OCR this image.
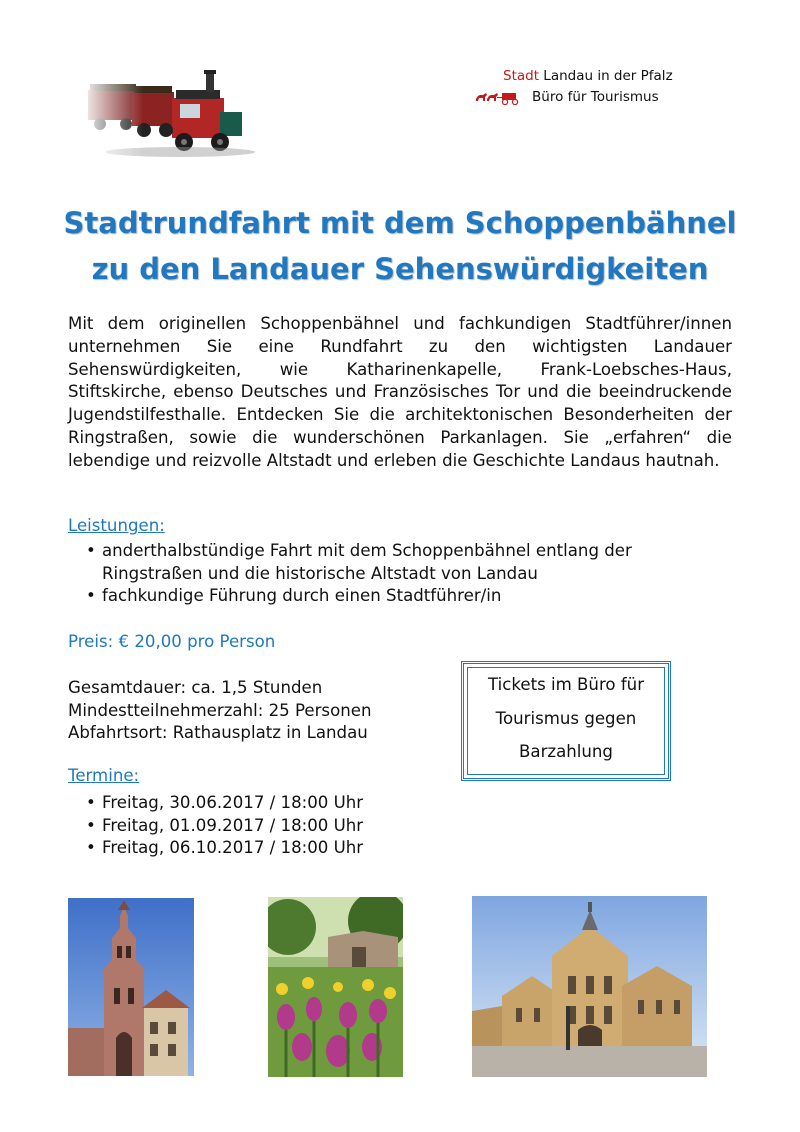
Stadt Landau in der Pfalz
Büro für Tourismus
Stadtrundfahrt mit dem Schoppenbähnel
zu den Landauer Sehenswürdigkeiten
Mit dem originellen Schoppenbähnel und fachkundigen Stadtführer/innen unternehmen Sie eine Rundfahrt zu den wichtigsten Landauer Sehenswürdigkeiten, wie Katharinenkapelle, Frank-Loebsches-Haus, Stiftskirche, ebenso Deutsches und Französisches Tor und die beeindruckende Jugendstilfesthalle. Entdecken Sie die architektonischen Besonderheiten der Ringstraßen, sowie die wunderschönen Parkanlagen. Sie „erfahren“ die lebendige und reizvolle Altstadt und erleben die Geschichte Landaus hautnah.
Leistungen:
• anderthalbstündige Fahrt mit dem Schoppenbähnel entlang der Ringstraßen und die historische Altstadt von Landau
• fachkundige Führung durch einen Stadtführer/in
Preis: € 20,00 pro Person
Gesamtdauer: ca. 1,5 Stunden
Mindestteilnehmerzahl: 25 Personen
Abfahrtsort: Rathausplatz in Landau
Termine:
• Freitag, 30.06.2017 / 18:00 Uhr
• Freitag, 01.09.2017 / 18:00 Uhr
• Freitag, 06.10.2017 / 18:00 Uhr
Tickets im Büro für
Tourismus gegen
Barzahlung
